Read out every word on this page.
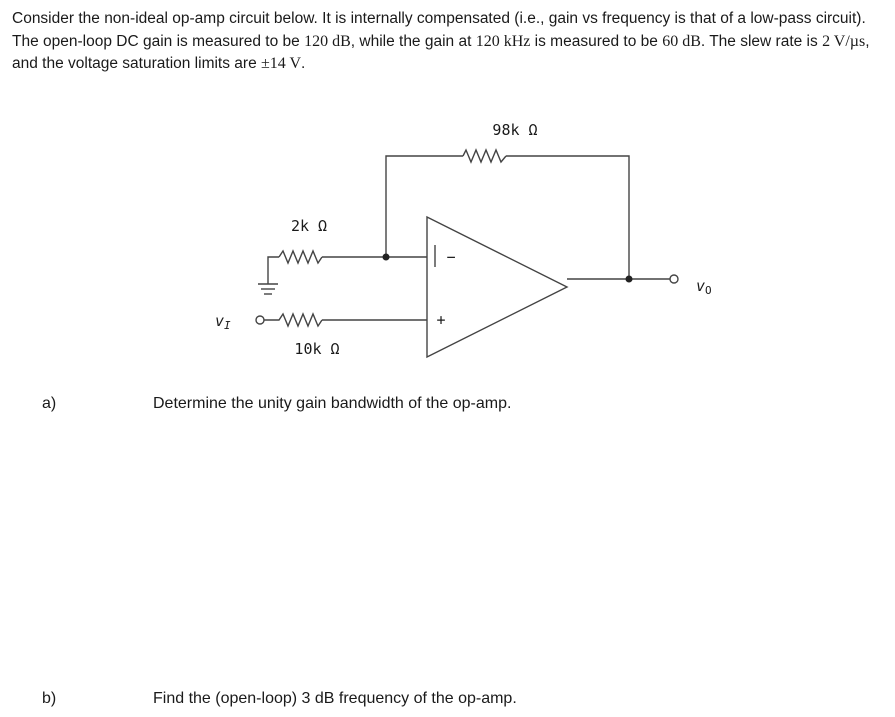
Consider the non-ideal op-amp circuit below. It is internally compensated (i.e., gain vs frequency is that of a low-pass circuit). The open-loop DC gain is measured to be 120 dB, while the gain at 120 kHz is measured to be 60 dB. The slew rate is 2 V/µs, and the voltage saturation limits are ±14 V.
−
+
98k Ω
2k Ω
10k Ω
$v_I$
$v_O$
a)	Determine the unity gain bandwidth of the op-amp.
b)	Find the (open-loop) 3 dB frequency of the op-amp.
